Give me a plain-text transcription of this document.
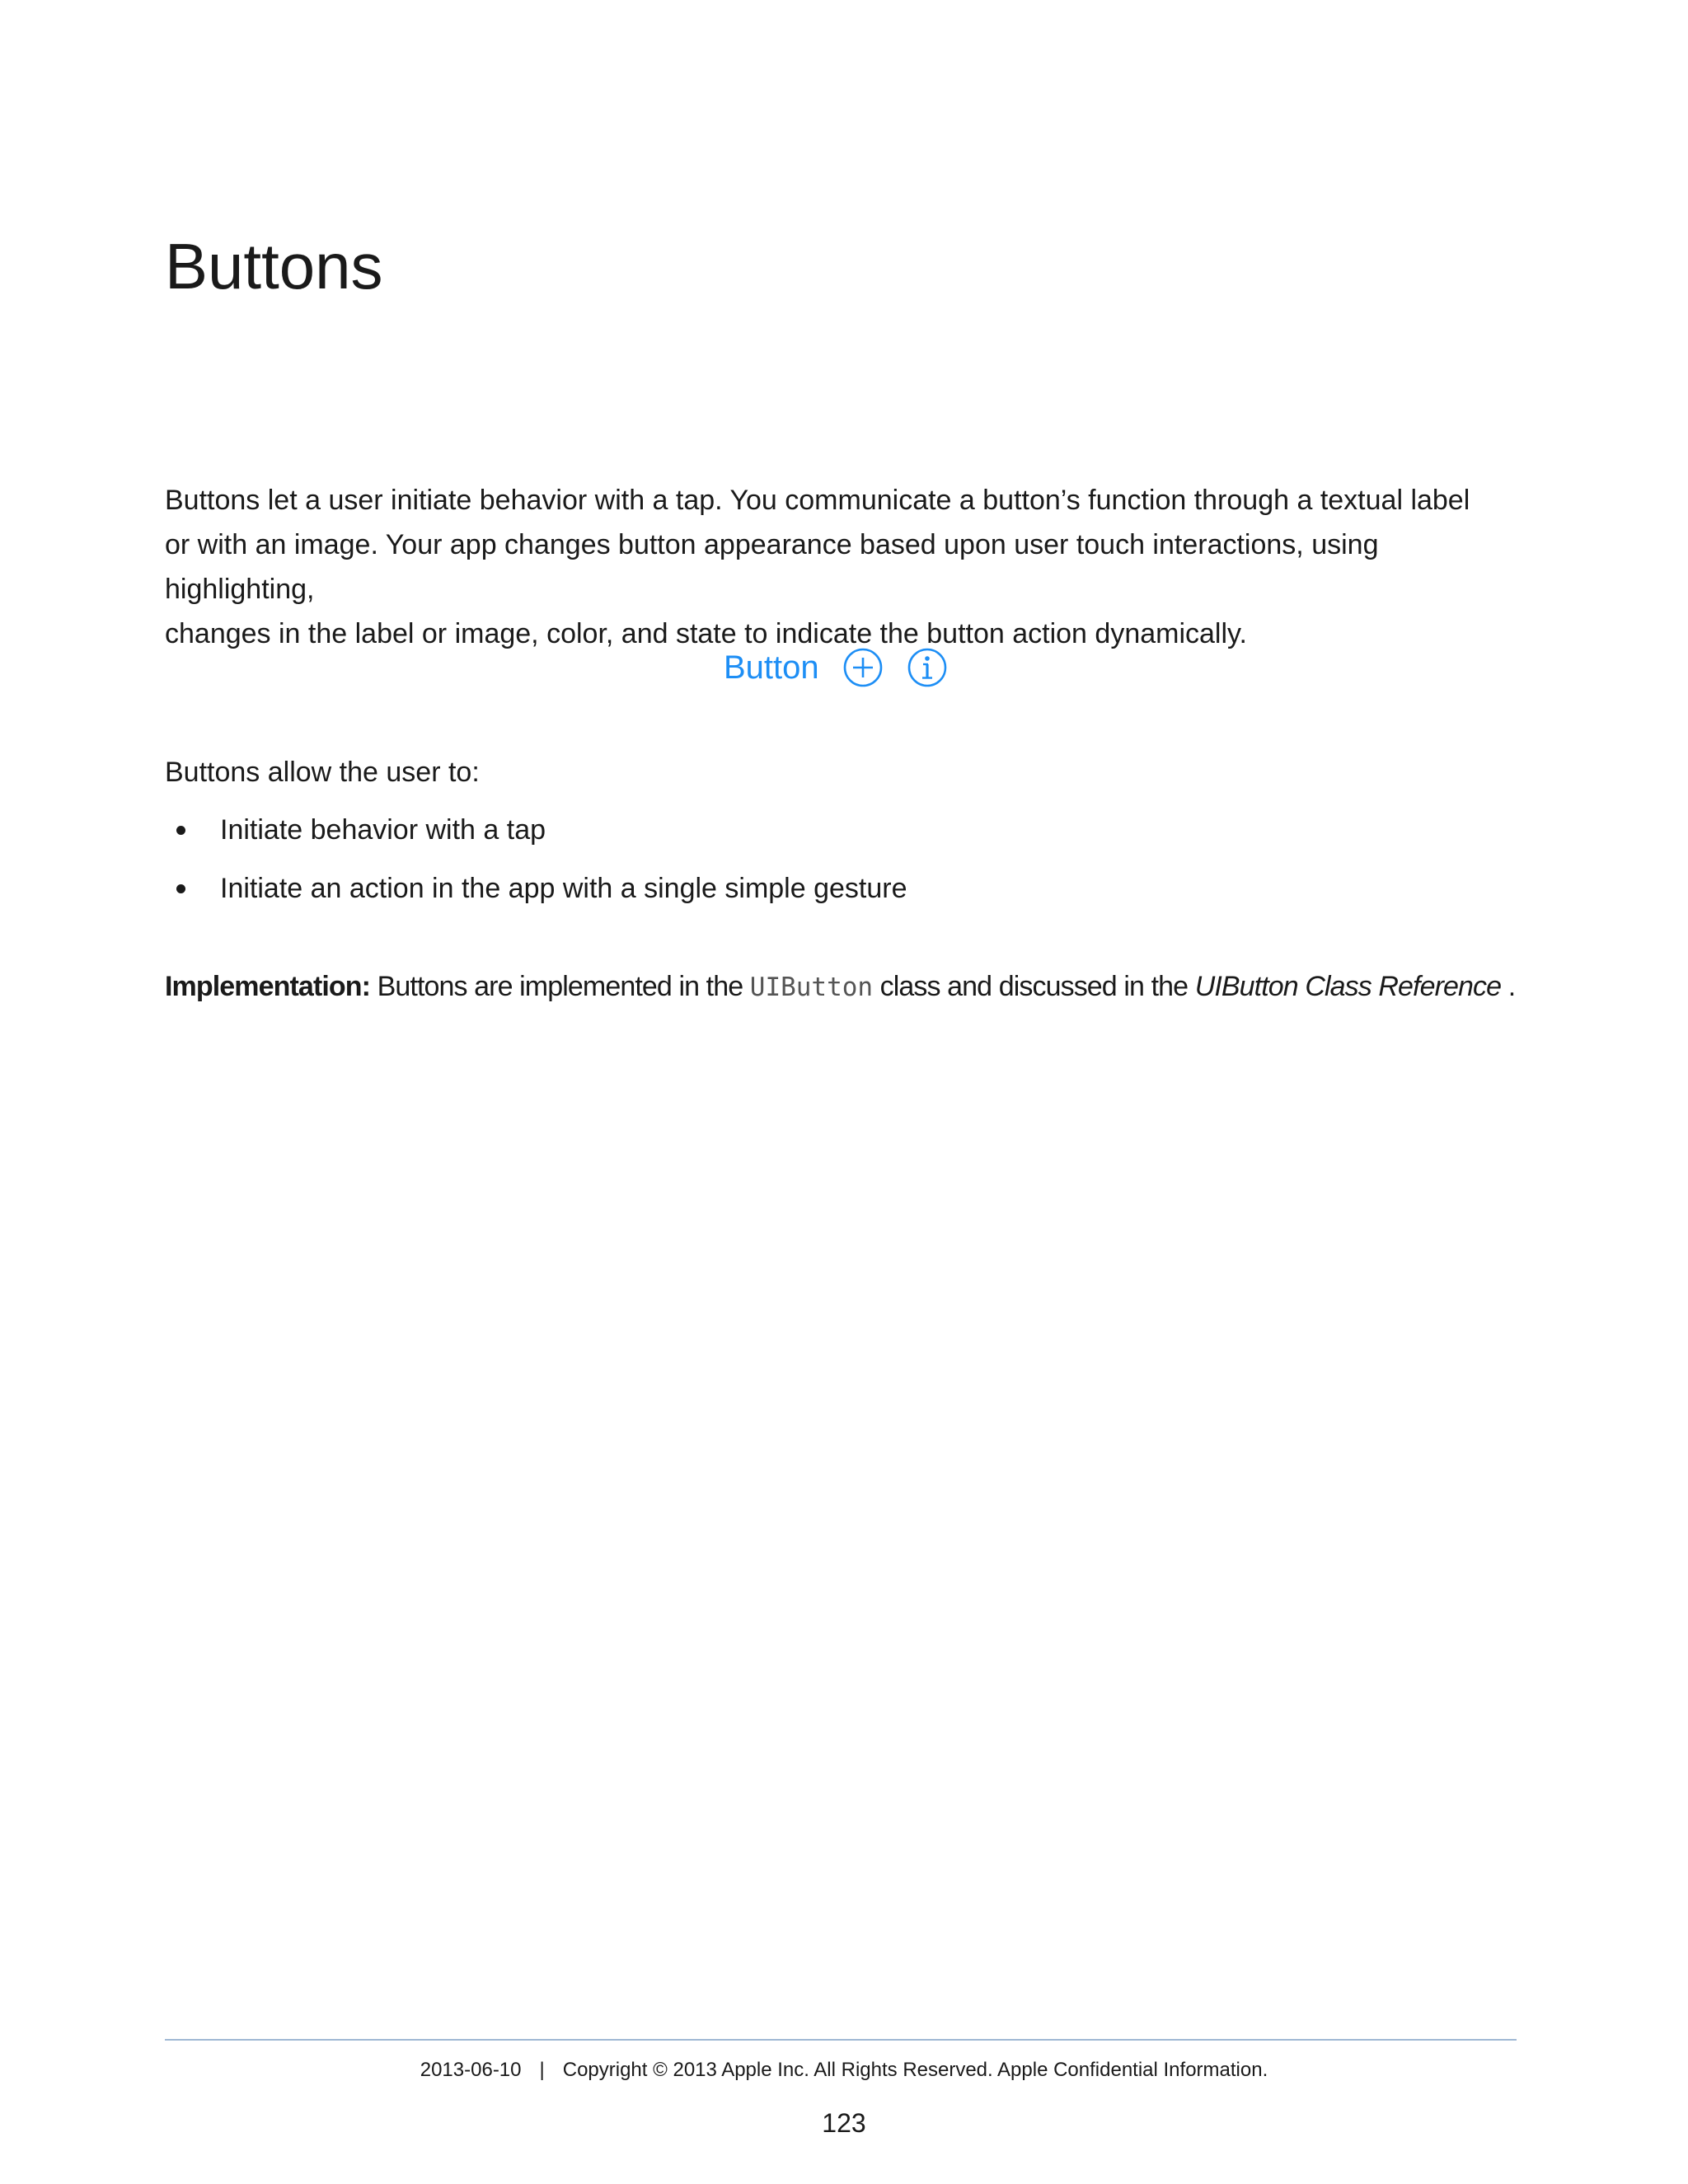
Buttons

Buttons let a user initiate behavior with a tap. You communicate a button’s function through a textual label

or with an image. Your app changes button appearance based upon user touch interactions, using highlighting,

changes in the label or image, color, and state to indicate the button action dynamically.

Button
Buttons allow the user to:
Initiate behavior with a tap
Initiate an action in the app with a single simple gesture
Implementation: Buttons are implemented in the UIButton class and discussed in the UIButton Class Reference .
2013-06-10 | Copyright © 2013 Apple Inc. All Rights Reserved. Apple Confidential Information.
123
